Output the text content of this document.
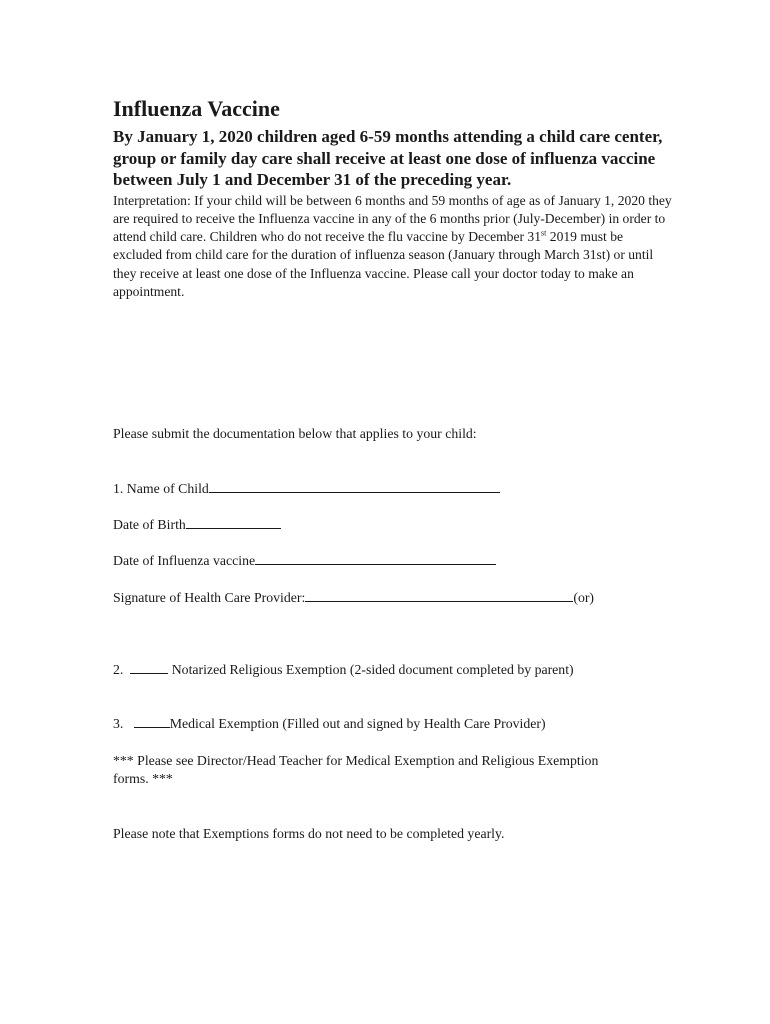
Influenza Vaccine

By January 1, 2020 children aged 6-59 months attending a child care center, group or family day care shall receive at least one dose of influenza vaccine between July 1 and December 31 of the preceding year.

Interpretation: If your child will be between 6 months and 59 months of age as of January 1, 2020 they are required to receive the Influenza vaccine in any of the 6 months prior (July-December) in order to attend child care. Children who do not receive the flu vaccine by December 31st 2019 must be excluded from child care for the duration of influenza season (January through March 31st) or until they receive at least one dose of the Influenza vaccine. Please call your doctor today to make an appointment.

Please submit the documentation below that applies to your child:

1. Name of Child
Date of Birth
Date of Influenza vaccine
Signature of Health Care Provider:	(or)
2.	Notarized Religious Exemption (2-sided document completed by parent)
3.	Medical Exemption (Filled out and signed by Health Care Provider)

*** Please see Director/Head Teacher for Medical Exemption and Religious Exemption forms. ***

Please note that Exemptions forms do not need to be completed yearly.
